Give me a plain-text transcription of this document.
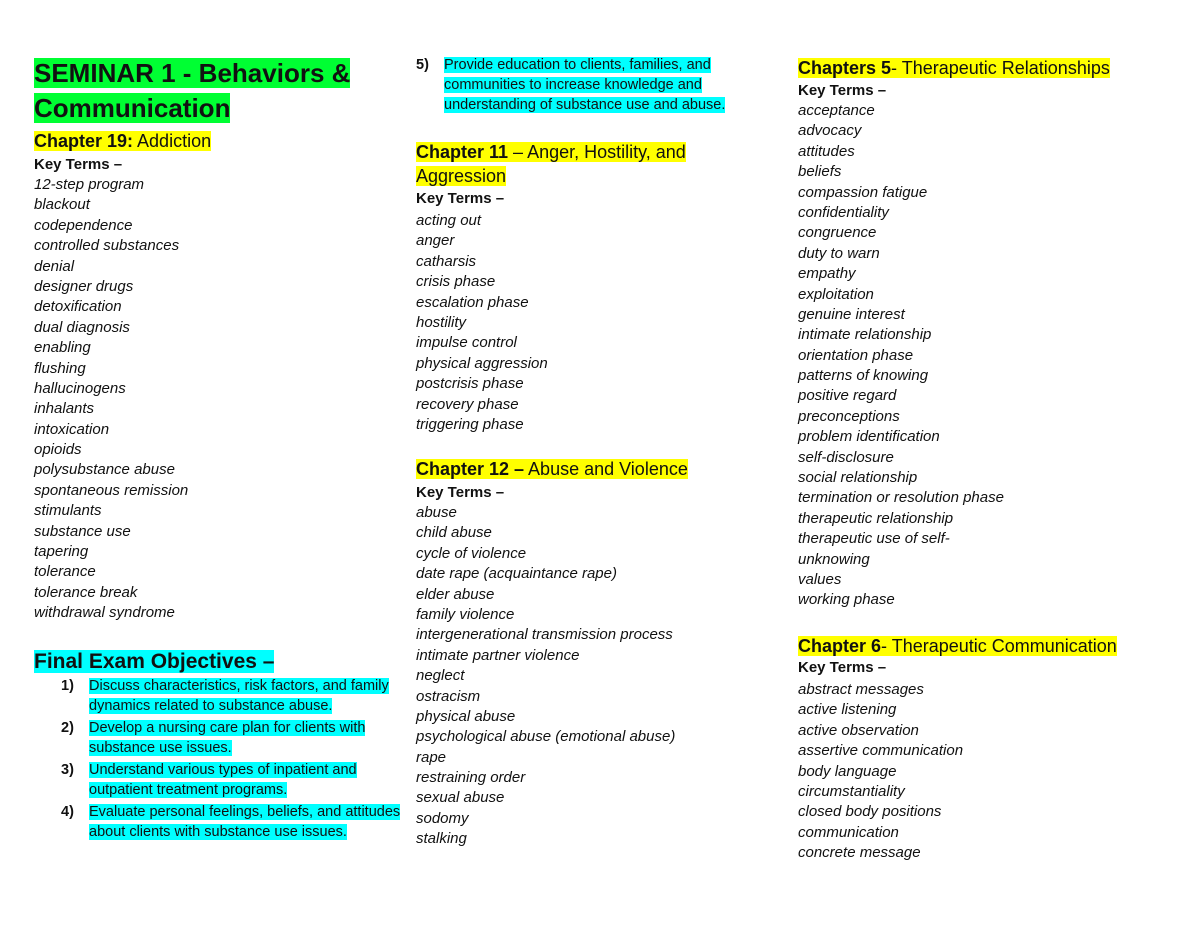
SEMINAR 1 - Behaviors & Communication
Chapter 19: Addiction
Key Terms –
12-step program
blackout
codependence
controlled substances
denial
designer drugs
detoxification
dual diagnosis
enabling
flushing
hallucinogens
inhalants
intoxication
opioids
polysubstance abuse
spontaneous remission
stimulants
substance use
tapering
tolerance
tolerance break
withdrawal syndrome
Final Exam Objectives –
1) Discuss characteristics, risk factors, and family dynamics related to substance abuse.
2) Develop a nursing care plan for clients with substance use issues.
3) Understand various types of inpatient and outpatient treatment programs.
4) Evaluate personal feelings, beliefs, and attitudes about clients with substance use issues.
5) Provide education to clients, families, and communities to increase knowledge and understanding of substance use and abuse.
Chapter 11 – Anger, Hostility, and Aggression
Key Terms –
acting out
anger
catharsis
crisis phase
escalation phase
hostility
impulse control
physical aggression
postcrisis phase
recovery phase
triggering phase
Chapter 12 – Abuse and Violence
Key Terms –
abuse
child abuse
cycle of violence
date rape (acquaintance rape)
elder abuse
family violence
intergenerational transmission process
intimate partner violence
neglect
ostracism
physical abuse
psychological abuse (emotional abuse)
rape
restraining order
sexual abuse
sodomy
stalking
Chapters 5- Therapeutic Relationships
Key Terms –
acceptance
advocacy
attitudes
beliefs
compassion fatigue
confidentiality
congruence
duty to warn
empathy
exploitation
genuine interest
intimate relationship
orientation phase
patterns of knowing
positive regard
preconceptions
problem identification
self-disclosure
social relationship
termination or resolution phase
therapeutic relationship
therapeutic use of self-
unknowing
values
working phase
Chapter 6- Therapeutic Communication
Key Terms –
abstract messages
active listening
active observation
assertive communication
body language
circumstantiality
closed body positions
communication
concrete message
